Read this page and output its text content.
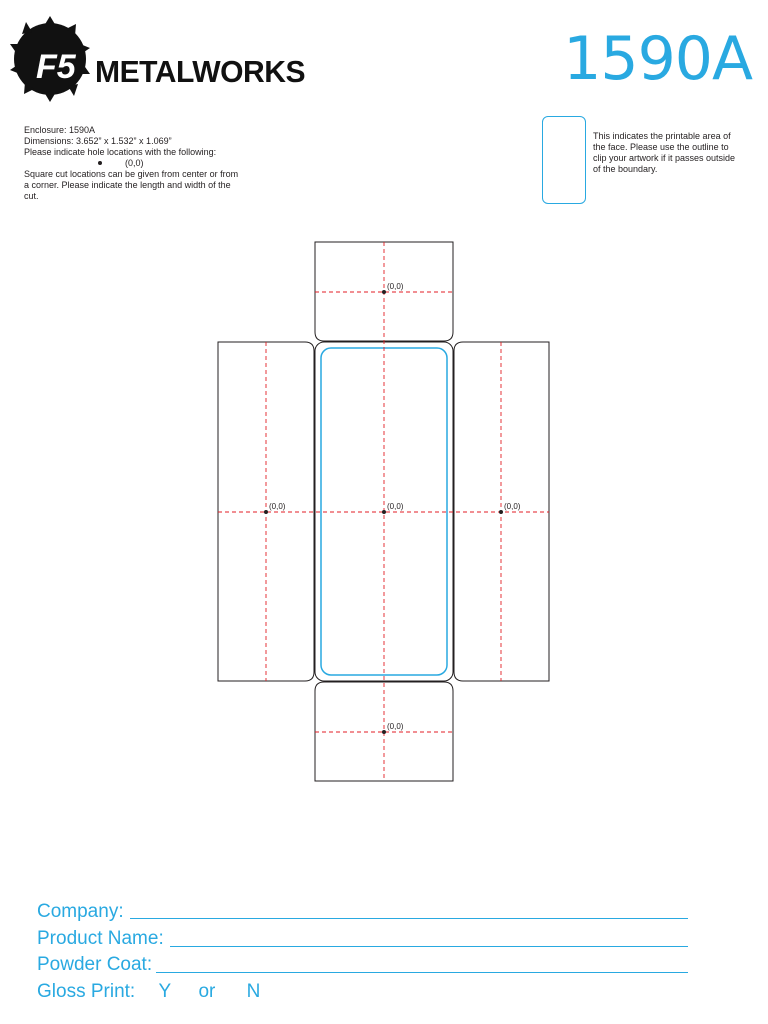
F5 METALWORKS	1590A
Enclosure: 1590A
Dimensions: 3.652” x 1.532” x 1.069”
Please indicate hole locations with the following:
(0,0)
Square cut locations can be given from center or from a corner. Please indicate the length and width of the cut.
This indicates the printable area of the face. Please use the outline to clip your artwork if it passes outside of the boundary.
(0,0)
(0,0)
(0,0)	(0,0)
(0,0)
Company:
Product Name:
Powder Coat:
Gloss Print: Y or N
